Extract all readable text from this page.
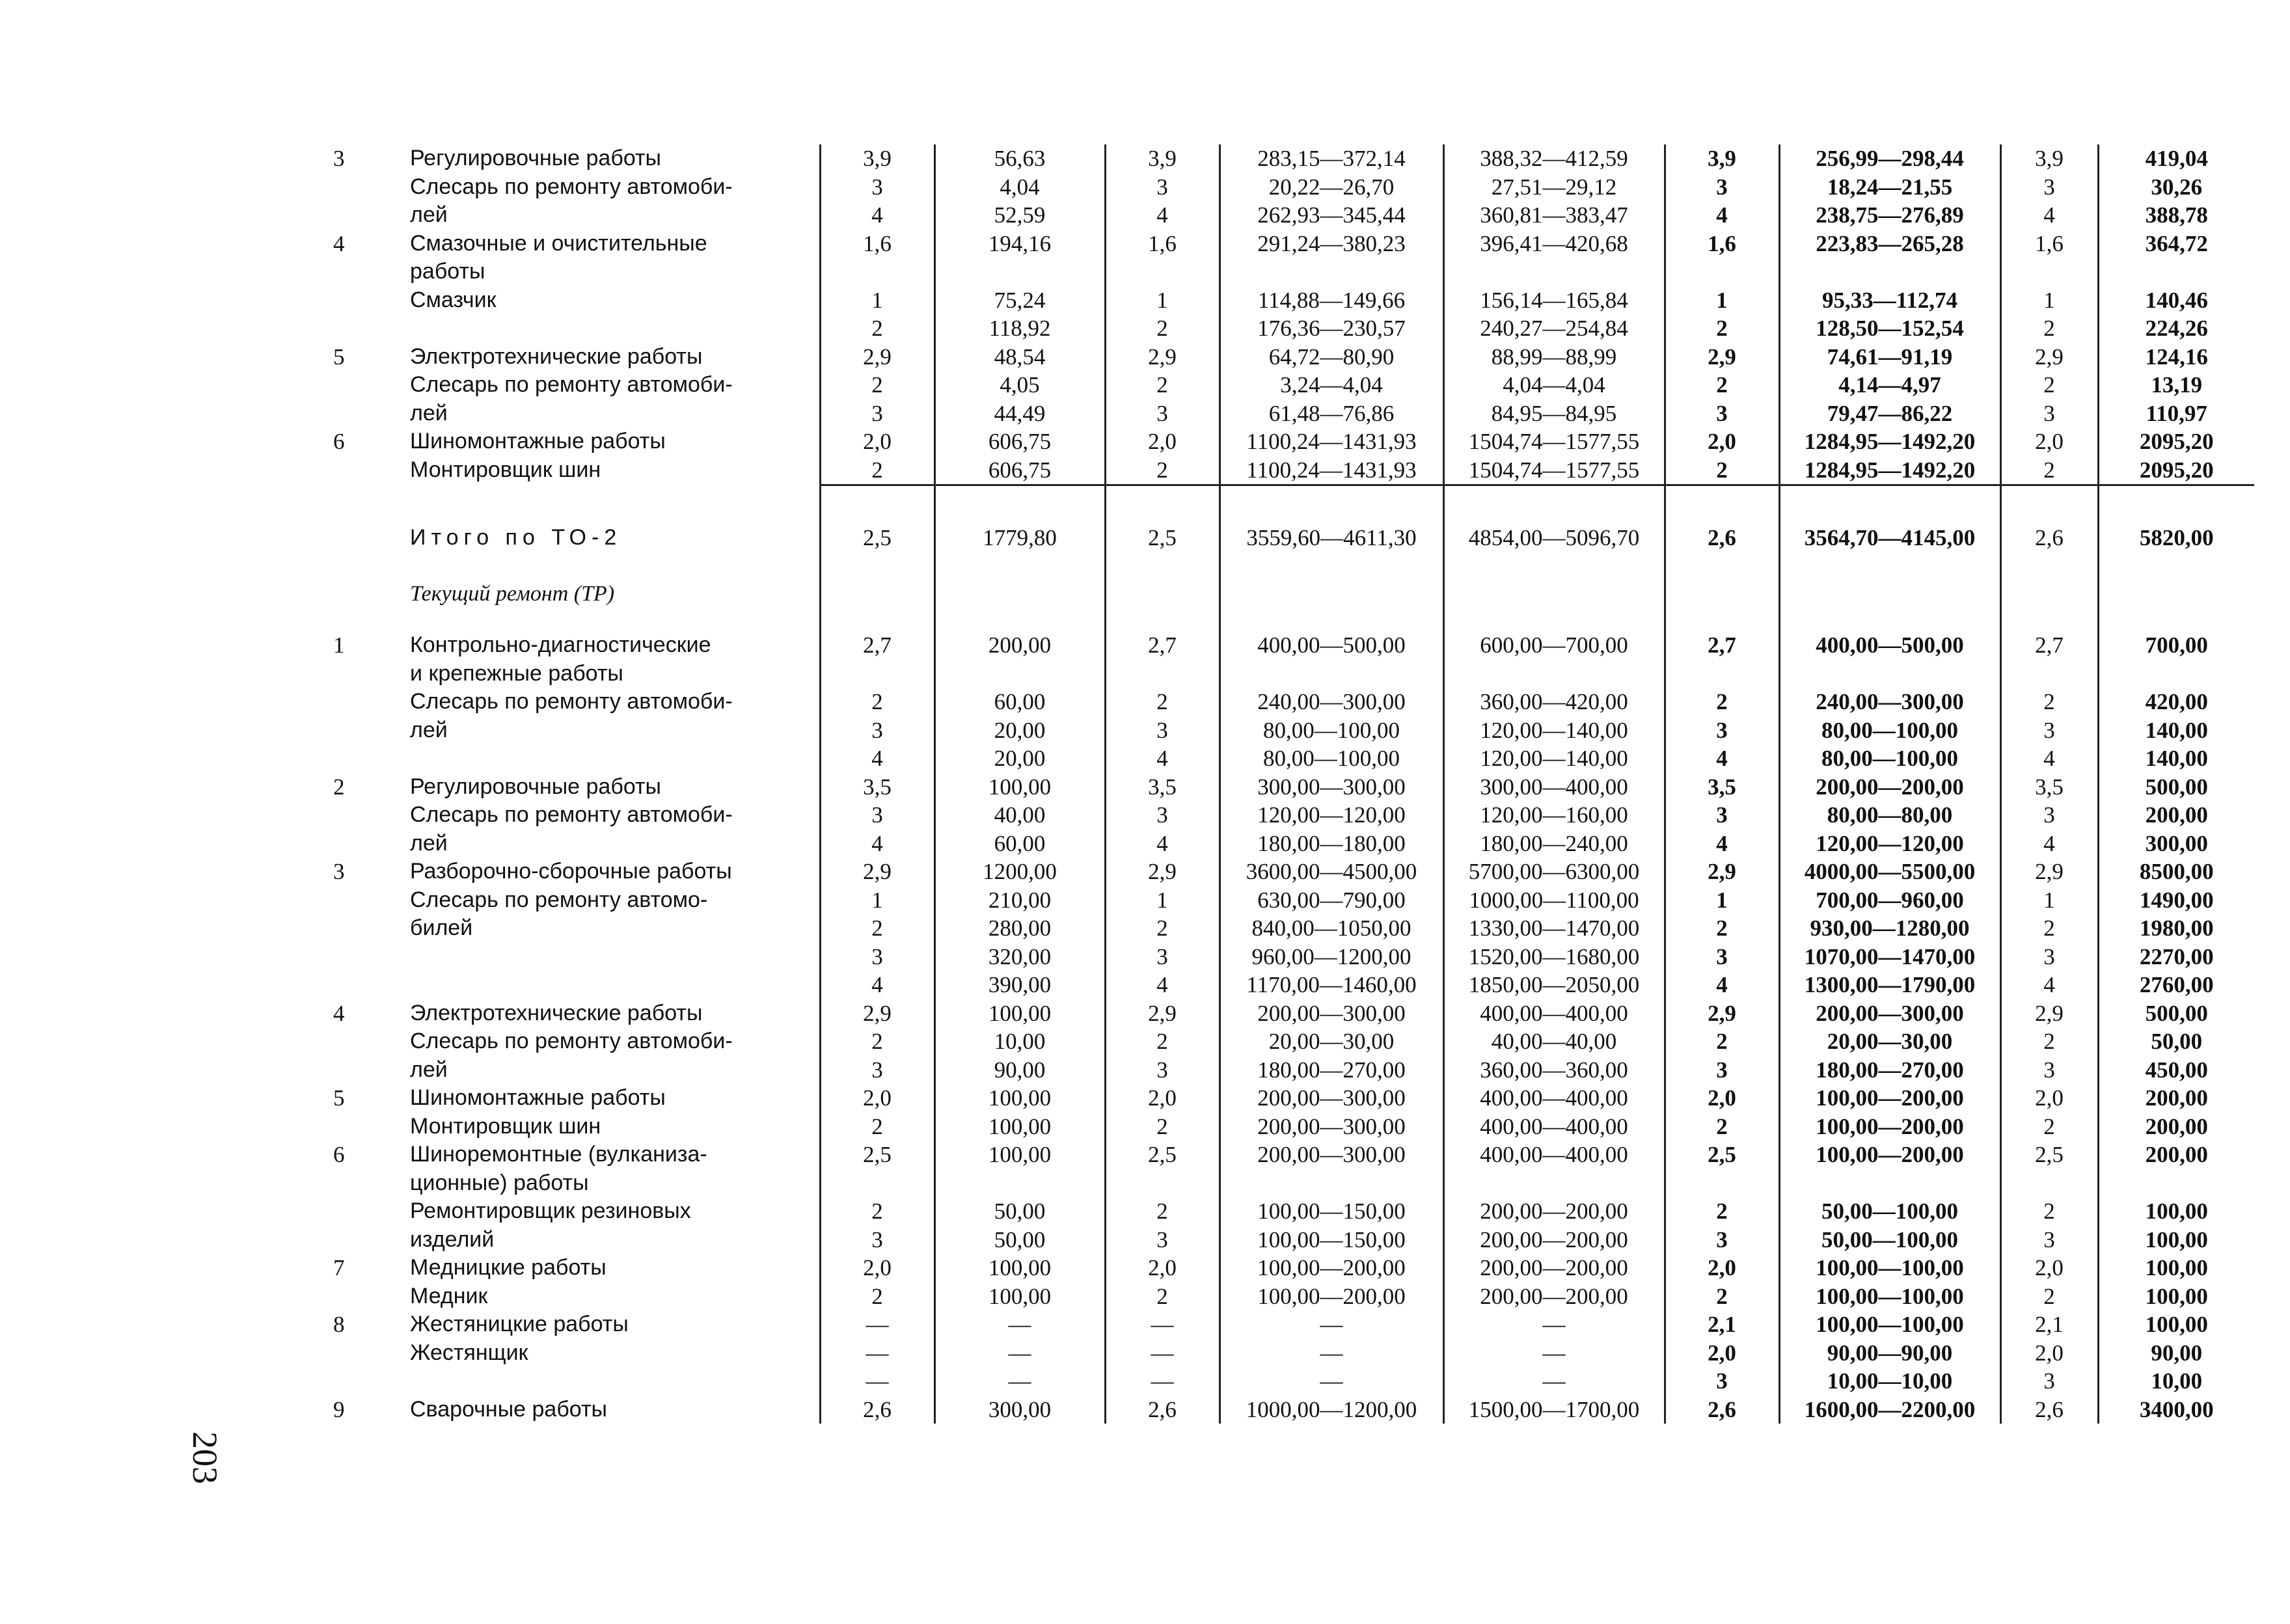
3	Регулировочные работы	3,9	56,63	3,9	283,15—372,14	388,32—412,59	3,9	256,99—298,44	3,9	419,04
	Слесарь по ремонту автомоби-	3	4,04	3	20,22—26,70	27,51—29,12	3	18,24—21,55	3	30,26
	лей	4	52,59	4	262,93—345,44	360,81—383,47	4	238,75—276,89	4	388,78
4	Смазочные и очистительные	1,6	194,16	1,6	291,24—380,23	396,41—420,68	1,6	223,83—265,28	1,6	364,72
	работы									
	Смазчик	1	75,24	1	114,88—149,66	156,14—165,84	1	95,33—112,74	1	140,46
		2	118,92	2	176,36—230,57	240,27—254,84	2	128,50—152,54	2	224,26
5	Электротехнические работы	2,9	48,54	2,9	64,72—80,90	88,99—88,99	2,9	74,61—91,19	2,9	124,16
	Слесарь по ремонту автомоби-	2	4,05	2	3,24—4,04	4,04—4,04	2	4,14—4,97	2	13,19
	лей	3	44,49	3	61,48—76,86	84,95—84,95	3	79,47—86,22	3	110,97
6	Шиномонтажные работы	2,0	606,75	2,0	1100,24—1431,93	1504,74—1577,55	2,0	1284,95—1492,20	2,0	2095,20
	Монтировщик шин	2	606,75	2	1100,24—1431,93	1504,74—1577,55	2	1284,95—1492,20	2	2095,20

	Итого по ТО-2	2,5	1779,80	2,5	3559,60—4611,30	4854,00—5096,70	2,6	3564,70—4145,00	2,6	5820,00
	Текущий ремонт (ТР)									
1	Контрольно-диагностические	2,7	200,00	2,7	400,00—500,00	600,00—700,00	2,7	400,00—500,00	2,7	700,00
	и крепежные работы									
	Слесарь по ремонту автомоби-	2	60,00	2	240,00—300,00	360,00—420,00	2	240,00—300,00	2	420,00
	лей	3	20,00	3	80,00—100,00	120,00—140,00	3	80,00—100,00	3	140,00
		4	20,00	4	80,00—100,00	120,00—140,00	4	80,00—100,00	4	140,00
2	Регулировочные работы	3,5	100,00	3,5	300,00—300,00	300,00—400,00	3,5	200,00—200,00	3,5	500,00
	Слесарь по ремонту автомоби-	3	40,00	3	120,00—120,00	120,00—160,00	3	80,00—80,00	3	200,00
	лей	4	60,00	4	180,00—180,00	180,00—240,00	4	120,00—120,00	4	300,00
3	Разборочно-сборочные работы	2,9	1200,00	2,9	3600,00—4500,00	5700,00—6300,00	2,9	4000,00—5500,00	2,9	8500,00
	Слесарь по ремонту автомо-	1	210,00	1	630,00—790,00	1000,00—1100,00	1	700,00—960,00	1	1490,00
	билей	2	280,00	2	840,00—1050,00	1330,00—1470,00	2	930,00—1280,00	2	1980,00
		3	320,00	3	960,00—1200,00	1520,00—1680,00	3	1070,00—1470,00	3	2270,00
		4	390,00	4	1170,00—1460,00	1850,00—2050,00	4	1300,00—1790,00	4	2760,00
4	Электротехнические работы	2,9	100,00	2,9	200,00—300,00	400,00—400,00	2,9	200,00—300,00	2,9	500,00
	Слесарь по ремонту автомоби-	2	10,00	2	20,00—30,00	40,00—40,00	2	20,00—30,00	2	50,00
	лей	3	90,00	3	180,00—270,00	360,00—360,00	3	180,00—270,00	3	450,00
5	Шиномонтажные работы	2,0	100,00	2,0	200,00—300,00	400,00—400,00	2,0	100,00—200,00	2,0	200,00
	Монтировщик шин	2	100,00	2	200,00—300,00	400,00—400,00	2	100,00—200,00	2	200,00
6	Шиноремонтные (вулканиза-	2,5	100,00	2,5	200,00—300,00	400,00—400,00	2,5	100,00—200,00	2,5	200,00
	ционные) работы									
	Ремонтировщик резиновых	2	50,00	2	100,00—150,00	200,00—200,00	2	50,00—100,00	2	100,00
	изделий	3	50,00	3	100,00—150,00	200,00—200,00	3	50,00—100,00	3	100,00
7	Медницкие работы	2,0	100,00	2,0	100,00—200,00	200,00—200,00	2,0	100,00—100,00	2,0	100,00
	Медник	2	100,00	2	100,00—200,00	200,00—200,00	2	100,00—100,00	2	100,00
8	Жестяницкие работы	—	—	—	—	—	2,1	100,00—100,00	2,1	100,00
	Жестянщик	—	—	—	—	—	2,0	90,00—90,00	2,0	90,00
		—	—	—	—	—	3	10,00—10,00	3	10,00
9	Сварочные работы	2,6	300,00	2,6	1000,00—1200,00	1500,00—1700,00	2,6	1600,00—2200,00	2,6	3400,00
203
